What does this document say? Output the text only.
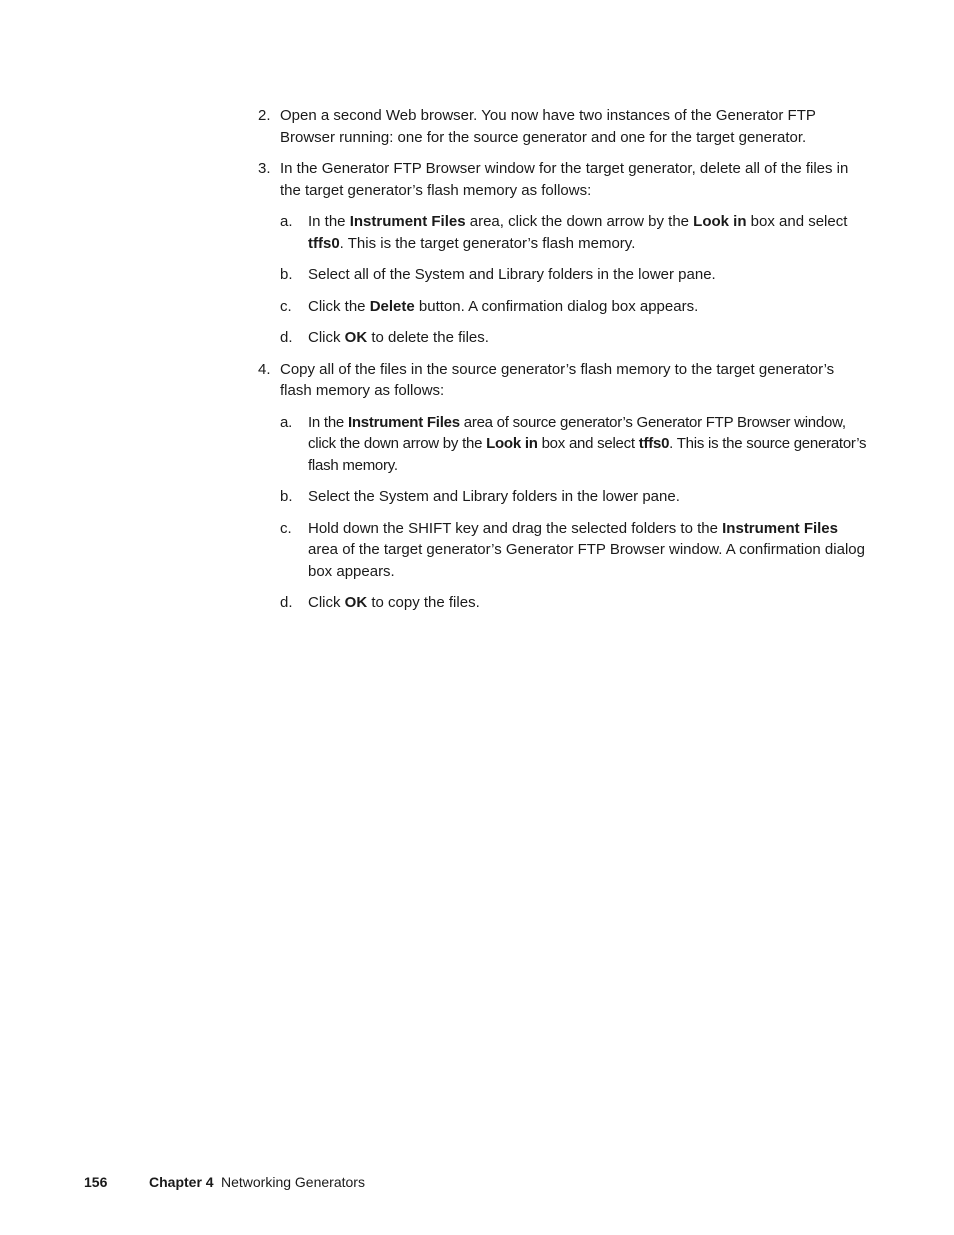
2. Open a second Web browser. You now have two instances of the Generator FTP Browser running: one for the source generator and one for the target generator.
3. In the Generator FTP Browser window for the target generator, delete all of the files in the target generator’s flash memory as follows:
a. In the Instrument Files area, click the down arrow by the Look in box and select tffs0. This is the target generator’s flash memory.
b. Select all of the System and Library folders in the lower pane.
c. Click the Delete button. A confirmation dialog box appears.
d. Click OK to delete the files.
4. Copy all of the files in the source generator’s flash memory to the target generator’s flash memory as follows:
a. In the Instrument Files area of source generator’s Generator FTP Browser window, click the down arrow by the Look in box and select tffs0. This is the source generator’s flash memory.
b. Select the System and Library folders in the lower pane.
c. Hold down the SHIFT key and drag the selected folders to the Instrument Files area of the target generator’s Generator FTP Browser window. A confirmation dialog box appears.
d. Click OK to copy the files.
156	Chapter 4 Networking Generators
